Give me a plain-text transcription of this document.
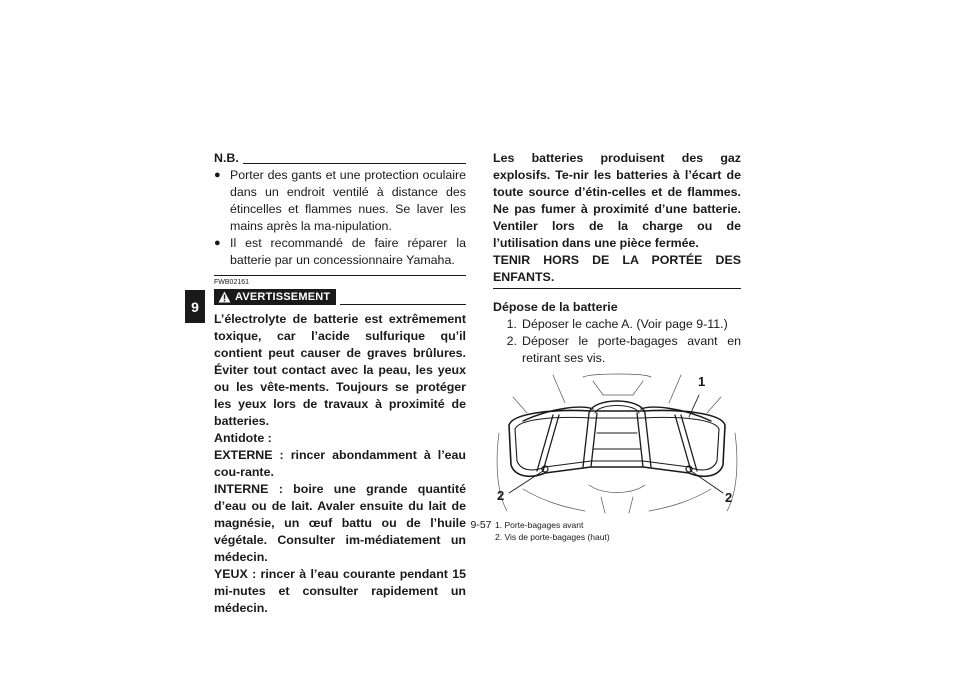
9
N.B.
● Porter des gants et une protection oculaire dans un endroit ventilé à distance des étincelles et flammes nues. Se laver les mains après la ma-nipulation.
● Il est recommandé de faire réparer la batterie par un concessionnaire Yamaha.
FWB02161
AVERTISSEMENT
L’électrolyte de batterie est extrêmement toxique, car l’acide sulfurique qu’il contient peut causer de graves brûlures. Éviter tout contact avec la peau, les yeux ou les vête-ments. Toujours se protéger les yeux lors de travaux à proximité de batteries.
Antidote :
EXTERNE : rincer abondamment à l’eau cou-rante.
INTERNE : boire une grande quantité d’eau ou de lait. Avaler ensuite du lait de magnésie, un œuf battu ou de l’huile végétale. Consulter im-médiatement un médecin.
YEUX : rincer à l’eau courante pendant 15 mi-nutes et consulter rapidement un médecin.
Les batteries produisent des gaz explosifs. Te-nir les batteries à l’écart de toute source d’étin-celles et de flammes. Ne pas fumer à proximité d’une batterie. Ventiler lors de la charge ou de l’utilisation dans une pièce fermée.
TENIR HORS DE LA PORTÉE DES ENFANTS.
Dépose de la batterie
1. Déposer le cache A. (Voir page 9-11.)
2. Déposer le porte-bagages avant en retirant ses vis.
1
2	2
1. Porte-bagages avant
2. Vis de porte-bagages (haut)
9-57
